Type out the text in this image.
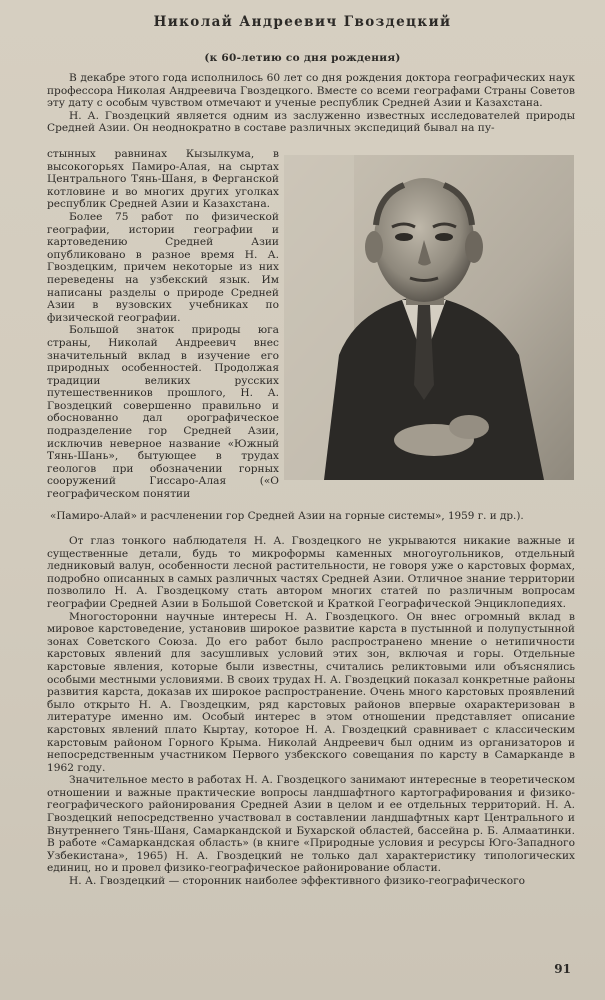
Николай Андреевич Гвоздецкий
(к 60-летию со дня рождения)

В декабре этого года исполнилось 60 лет со дня рождения доктора географических наук профессора Николая Андреевича Гвоздецкого. Вместе со всеми географами Страны Советов эту дату с особым чувством отмечают и ученые республик Средней Азии и Казахстана.

Н. А. Гвоздецкий является одним из заслуженно известных исследователей природы Средней Азии. Он неоднократно в составе различных экспедиций бывал на пу-

стынных равнинах Кызылкума, в высокогорьях Памиро-Алая, на сыртах Центрального Тянь-Шаня, в Ферганской котловине и во многих других уголках республик Средней Азии и Казахстана.

Более 75 работ по физической географии, истории географии и картоведению Средней Азии опубликовано в разное время Н. А. Гвоздецким, причем некоторые из них переведены на узбекский язык. Им написаны разделы о природе Средней Азии в вузовских учебниках по физической географии.

Большой знаток природы юга страны, Николай Андреевич внес значительный вклад в изучение его природных особенностей. Продолжая традиции великих русских путешественников прошлого, Н. А. Гвоздецкий совершенно правильно и обоснованно дал орографическое подразделение гор Средней Азии, исключив неверное название «Южный Тянь-Шань», бытующее в трудах геологов при обозначении горных сооружений Гиссаро-Алая («О географическом понятии

«Памиро-Алай» и расчленении гор Средней Азии на горные системы», 1959 г. и др.).

От глаз тонкого наблюдателя Н. А. Гвоздецкого не укрываются никакие важные и существенные детали, будь то микроформы каменных многоугольников, отдельный ледниковый валун, особенности лесной растительности, не говоря уже о карстовых формах, подробно описанных в самых различных частях Средней Азии. Отличное знание территории позволило Н. А. Гвоздецкому стать автором многих статей по различным вопросам географии Средней Азии в Большой Советской и Краткой Географической Энциклопедиях.

Многосторонни научные интересы Н. А. Гвоздецкого. Он внес огромный вклад в мировое карстоведение, установив широкое развитие карста в пустынной и полупустынной зонах Советского Союза. До его работ было распространено мнение о нетипичности карстовых явлений для засушливых условий этих зон, включая и горы. Отдельные карстовые явления, которые были известны, считались реликтовыми или объяснялись особыми местными условиями. В своих трудах Н. А. Гвоздецкий показал конкретные районы развития карста, доказав их широкое распространение. Очень много карстовых проявлений было открыто Н. А. Гвоздецким, ряд карстовых районов впервые охарактеризован в литературе именно им. Особый интерес в этом отношении представляет описание карстовых явлений плато Кыртау, которое Н. А. Гвоздецкий сравнивает с классическим карстовым районом Горного Крыма. Николай Андреевич был одним из организаторов и непосредственным участником Первого узбекского совещания по карсту в Самарканде в 1962 году.

Значительное место в работах Н. А. Гвоздецкого занимают интересные в теоретическом отношении и важные практические вопросы ландшафтного картографирования и физико-географического районирования Средней Азии в целом и ее отдельных территорий. Н. А. Гвоздецкий непосредственно участвовал в составлении ландшафтных карт Центрального и Внутреннего Тянь-Шаня, Самаркандской и Бухарской областей, бассейна р. Б. Алмаатинки. В работе «Самаркандская область» (в книге «Природные условия и ресурсы Юго-Западного Узбекистана», 1965) Н. А. Гвоздецкий не только дал характеристику типологических единиц, но и провел физико-географическое районирование области.

Н. А. Гвоздецкий — сторонник наиболее эффективного физико-географического

91
